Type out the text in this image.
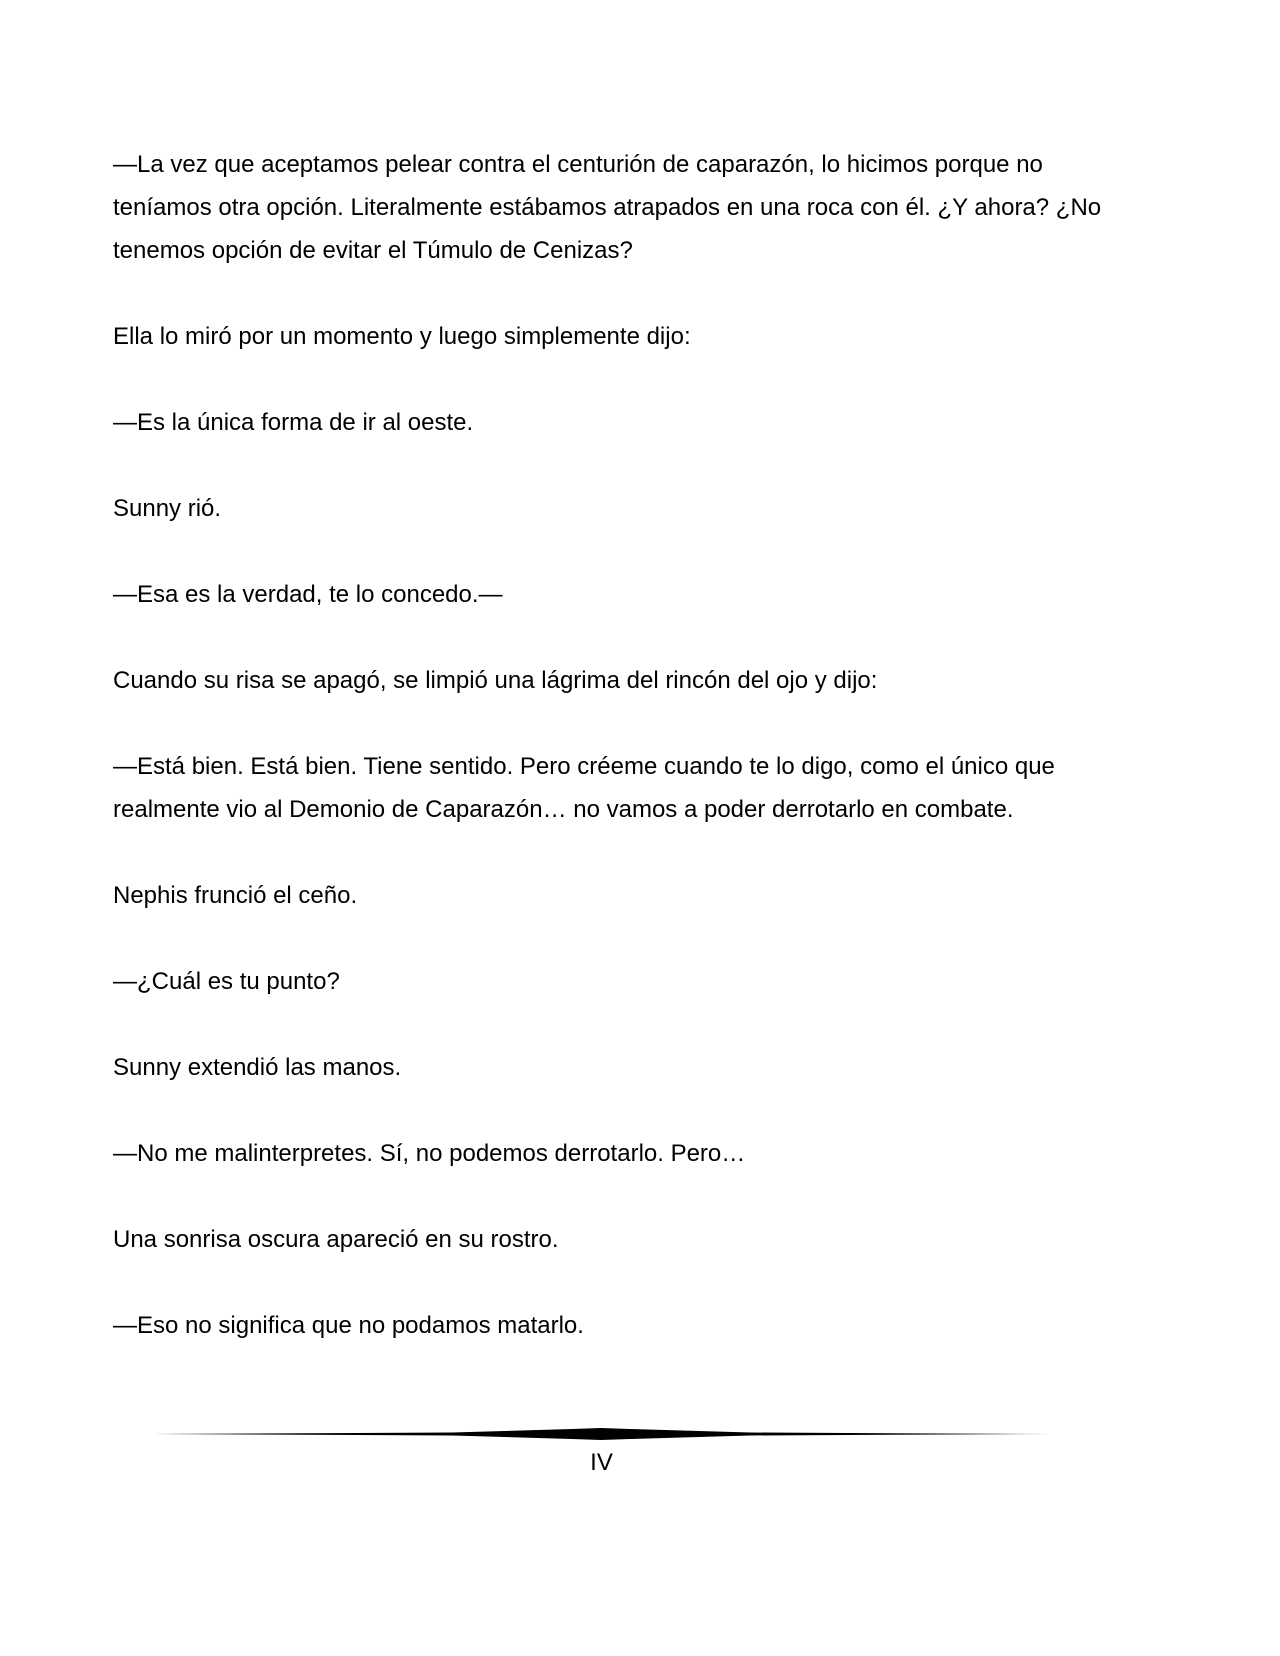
—La vez que aceptamos pelear contra el centurión de caparazón, lo hicimos porque no teníamos otra opción. Literalmente estábamos atrapados en una roca con él. ¿Y ahora? ¿No tenemos opción de evitar el Túmulo de Cenizas?

Ella lo miró por un momento y luego simplemente dijo:

—Es la única forma de ir al oeste.

Sunny rió.

—Esa es la verdad, te lo concedo.—

Cuando su risa se apagó, se limpió una lágrima del rincón del ojo y dijo:

—Está bien. Está bien. Tiene sentido. Pero créeme cuando te lo digo, como el único que realmente vio al Demonio de Caparazón… no vamos a poder derrotarlo en combate.

Nephis frunció el ceño.

—¿Cuál es tu punto?

Sunny extendió las manos.

—No me malinterpretes. Sí, no podemos derrotarlo. Pero…

Una sonrisa oscura apareció en su rostro.

—Eso no significa que no podamos matarlo.

IV
